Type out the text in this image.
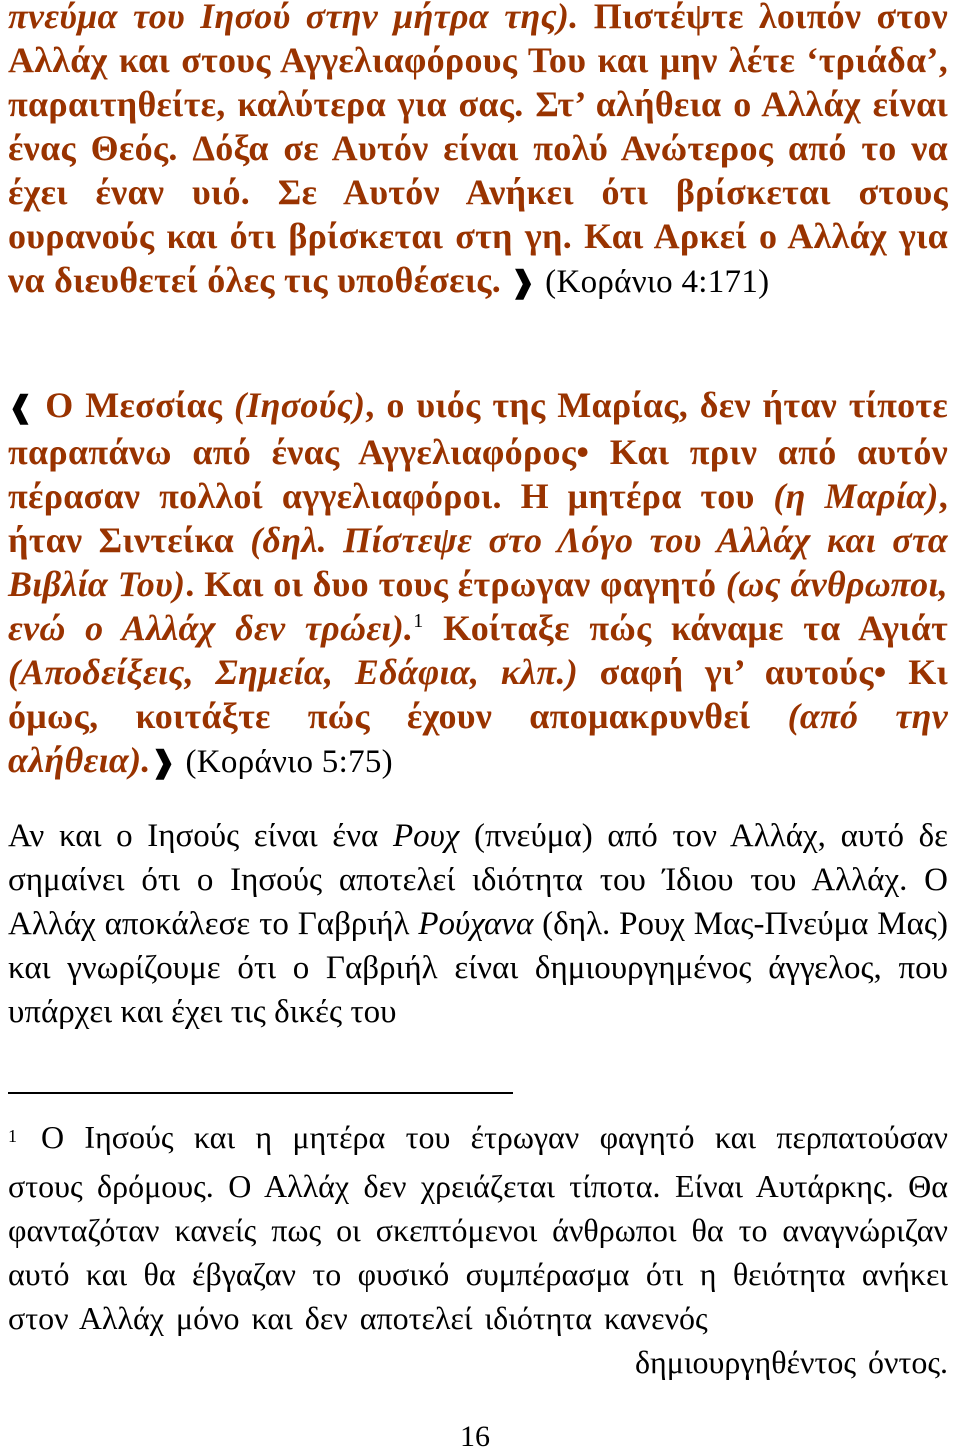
πνεύμα του Ιησού στην μήτρα της). Πιστέψτε λοιπόν στον Αλλάχ και στους Αγγελιαφόρους Του και μην λέτε ‘τριάδα’, παραιτηθείτε, καλύτερα για σας. Στ’ αλήθεια ο Αλλάχ είναι ένας Θεός. Δόξα σε Αυτόν είναι πολύ Ανώτερος από το να έχει έναν υιό. Σε Αυτόν Ανήκει ότι βρίσκεται στους ουρανούς και ότι βρίσκεται στη γη. Και Αρκεί ο Αλλάχ για να διευθετεί όλες τις υποθέσεις. ❱ (Κοράνιο 4:171)
❰ Ο Μεσσίας (Ιησούς), ο υιός της Μαρίας, δεν ήταν τίποτε παραπάνω από ένας Αγγελιαφόρος• Και πριν από αυτόν πέρασαν πολλοί αγγελιαφόροι. Η μητέρα του (η Μαρία), ήταν Σιντείκα (δηλ. Πίστεψε στο Λόγο του Αλλάχ και στα Βιβλία Του). Και οι δυο τους έτρωγαν φαγητό (ως άνθρωποι, ενώ ο Αλλάχ δεν τρώει).$^1$ Κοίταξε πώς κάναμε τα Αγιάτ (Αποδείξεις, Σημεία, Εδάφια, κλπ.) σαφή γι’ αυτούς• Κι όμως, κοιτάξτε πώς έχουν απομακρυνθεί (από την αλήθεια).❱ (Κοράνιο 5:75)
Αν και ο Ιησούς είναι ένα Ρουχ (πνεύμα) από τον Αλλάχ, αυτό δε σημαίνει ότι ο Ιησούς αποτελεί ιδιότητα του Ίδιου του Αλλάχ. Ο Αλλάχ αποκάλεσε το Γαβριήλ Ρούχανα (δηλ. Ρουχ Μας-Πνεύμα Μας) και γνωρίζουμε ότι ο Γαβριήλ είναι δημιουργημένος άγγελος, που υπάρχει και έχει τις δικές του
$^1$ Ο Ιησούς και η μητέρα του έτρωγαν φαγητό και περπατούσαν στους δρόμους. Ο Αλλάχ δεν χρειάζεται τίποτα. Είναι Αυτάρκης. Θα φανταζόταν κανείς πως οι σκεπτόμενοι άνθρωποι θα το αναγνώριζαν αυτό και θα έβγαζαν το φυσικό συμπέρασμα ότι η θειότητα ανήκει στον Αλλάχ μόνο και δεν αποτελεί ιδιότητα κανενός
δημιουργηθέντος όντος.
16
